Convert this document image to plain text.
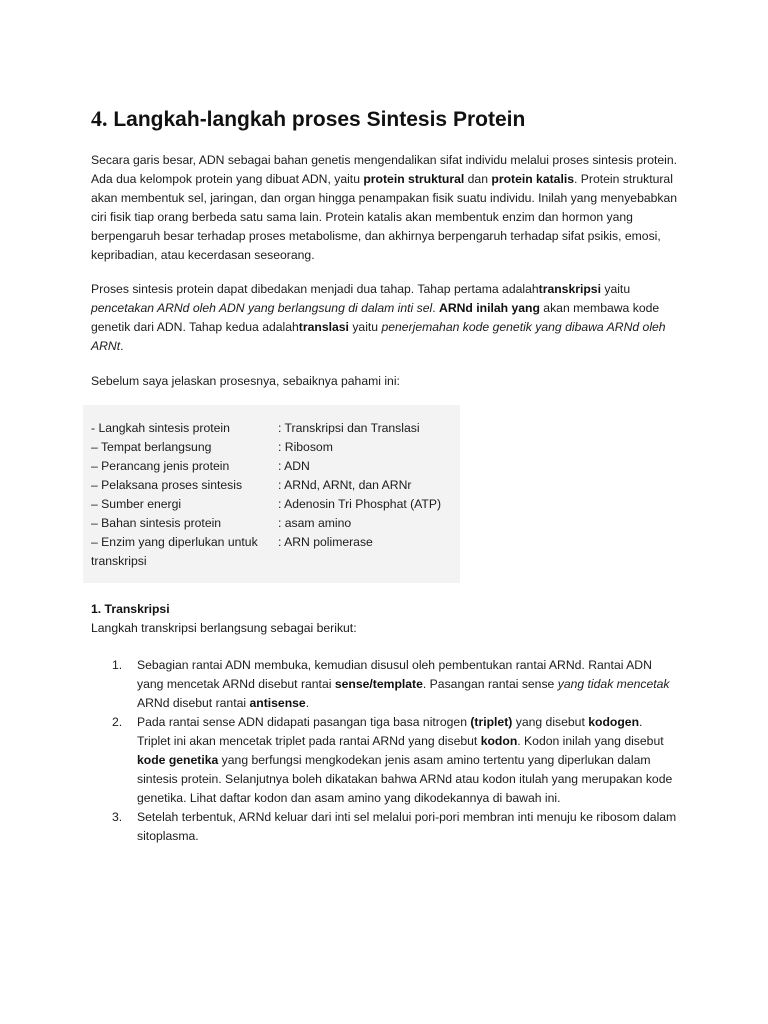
4. Langkah-langkah proses Sintesis Protein

Secara garis besar, ADN sebagai bahan genetis mengendalikan sifat individu melalui proses sintesis protein. Ada dua kelompok protein yang dibuat ADN, yaitu protein struktural dan protein katalis. Protein struktural akan membentuk sel, jaringan, dan organ hingga penampakan fisik suatu individu. Inilah yang menyebabkan ciri fisik tiap orang berbeda satu sama lain. Protein katalis akan membentuk enzim dan hormon yang berpengaruh besar terhadap proses metabolisme, dan akhirnya berpengaruh terhadap sifat psikis, emosi, kepribadian, atau kecerdasan seseorang.

Proses sintesis protein dapat dibedakan menjadi dua tahap. Tahap pertama adalahtranskripsi yaitu pencetakan ARNd oleh ADN yang berlangsung di dalam inti sel. ARNd inilah yang akan membawa kode genetik dari ADN. Tahap kedua adalahtranslasi yaitu penerjemahan kode genetik yang dibawa ARNd oleh ARNt.

Sebelum saya jelaskan prosesnya, sebaiknya pahami ini:

- Langkah sintesis protein	: Transkripsi dan Translasi
– Tempat berlangsung	: Ribosom
– Perancang jenis protein	: ADN
– Pelaksana proses sintesis	: ARNd, ARNt, dan ARNr
– Sumber energi	: Adenosin Tri Phosphat (ATP)
– Bahan sintesis protein	: asam amino
– Enzim yang diperlukan untuk transkripsi
: ARN polimerase
1. Transkripsi
Langkah transkripsi berlangsung sebagai berikut:
1. Sebagian rantai ADN membuka, kemudian disusul oleh pembentukan rantai ARNd. Rantai ADN yang mencetak ARNd disebut rantai sense/template. Pasangan rantai sense yang tidak mencetak ARNd disebut rantai antisense.
2. Pada rantai sense ADN didapati pasangan tiga basa nitrogen (triplet) yang disebut kodogen. Triplet ini akan mencetak triplet pada rantai ARNd yang disebut kodon. Kodon inilah yang disebut kode genetika yang berfungsi mengkodekan jenis asam amino tertentu yang diperlukan dalam sintesis protein. Selanjutnya boleh dikatakan bahwa ARNd atau kodon itulah yang merupakan kode genetika. Lihat daftar kodon dan asam amino yang dikodekannya di bawah ini.
3. Setelah terbentuk, ARNd keluar dari inti sel melalui pori-pori membran inti menuju ke ribosom dalam sitoplasma.
